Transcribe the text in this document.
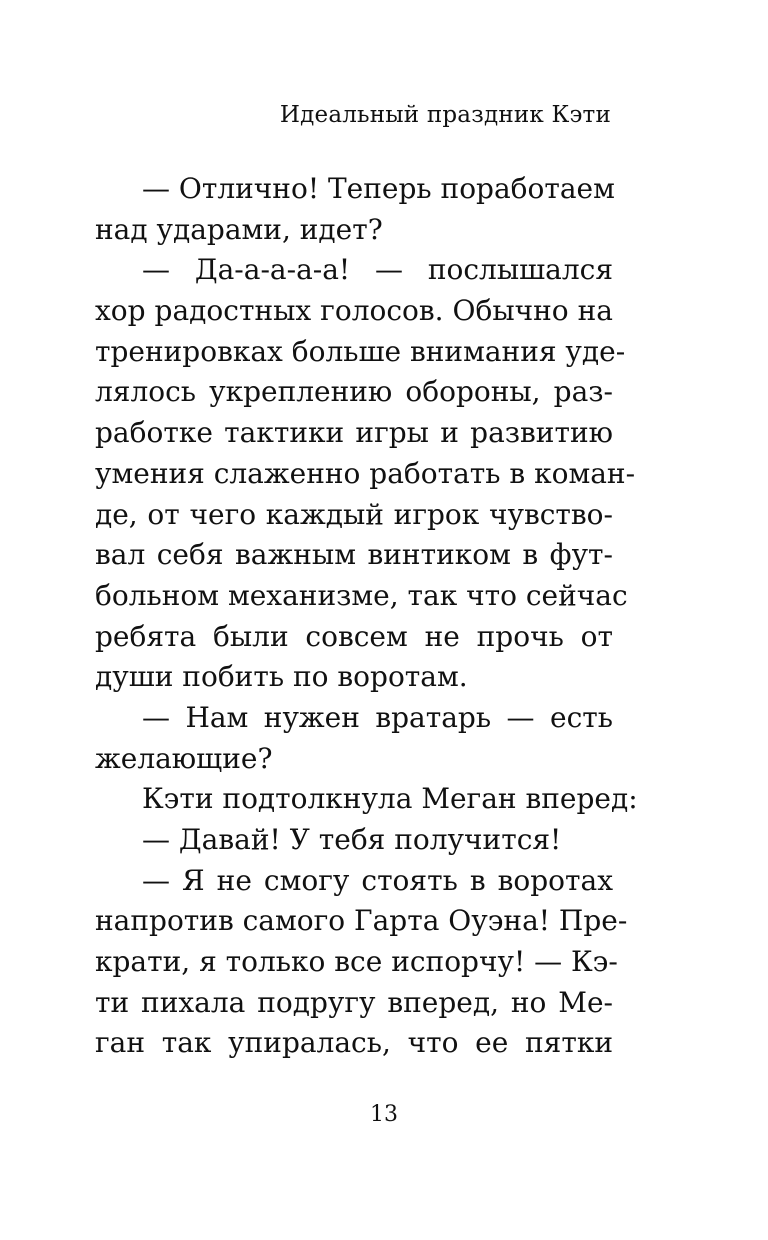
Идеальный праздник Кэти
— Отлично! Теперь поработаем
над ударами, идет?
— Да-а-а-а-а! — послышался
хор радостных голосов. Обычно на
тренировках больше внимания уде-
лялось укреплению обороны, раз-
работке тактики игры и развитию
умения слаженно работать в коман-
де, от чего каждый игрок чувство-
вал себя важным винтиком в фут-
больном механизме, так что сейчас
ребята были совсем не прочь от
души побить по воротам.
— Нам нужен вратарь — есть
желающие?
Кэти подтолкнула Меган вперед:
— Давай! У тебя получится!
— Я не смогу стоять в воротах
напротив самого Гарта Оуэна! Пре-
крати, я только все испорчу! — Кэ-
ти пихала подругу вперед, но Ме-
ган так упиралась, что ее пятки
13
